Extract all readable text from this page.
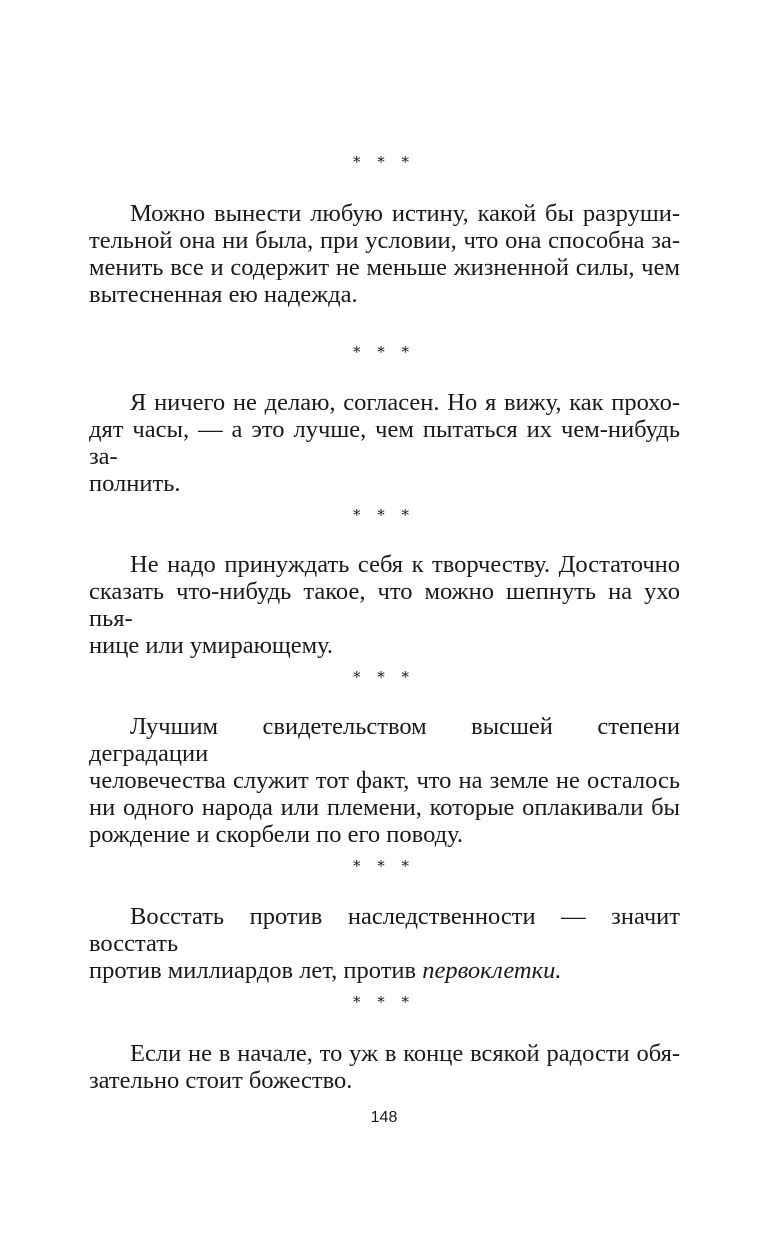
* * *
Можно вынести любую истину, какой бы разруши-
тельной она ни была, при условии, что она способна за-
менить все и содержит не меньше жизненной силы, чем
вытесненная ею надежда.
* * *
Я ничего не делаю, согласен. Но я вижу, как прохо-
дят часы, — а это лучше, чем пытаться их чем-нибудь за-
полнить.
* * *
Не надо принуждать себя к творчеству. Достаточно
сказать что-нибудь такое, что можно шепнуть на ухо пья-
нице или умирающему.
* * *
Лучшим свидетельством высшей степени деградации
человечества служит тот факт, что на земле не осталось
ни одного народа или племени, которые оплакивали бы
рождение и скорбели по его поводу.
* * *
Восстать против наследственности — значит восстать
против миллиардов лет, против первоклетки.
* * *
Если не в начале, то уж в конце всякой радости обя-
зательно стоит божество.
148
